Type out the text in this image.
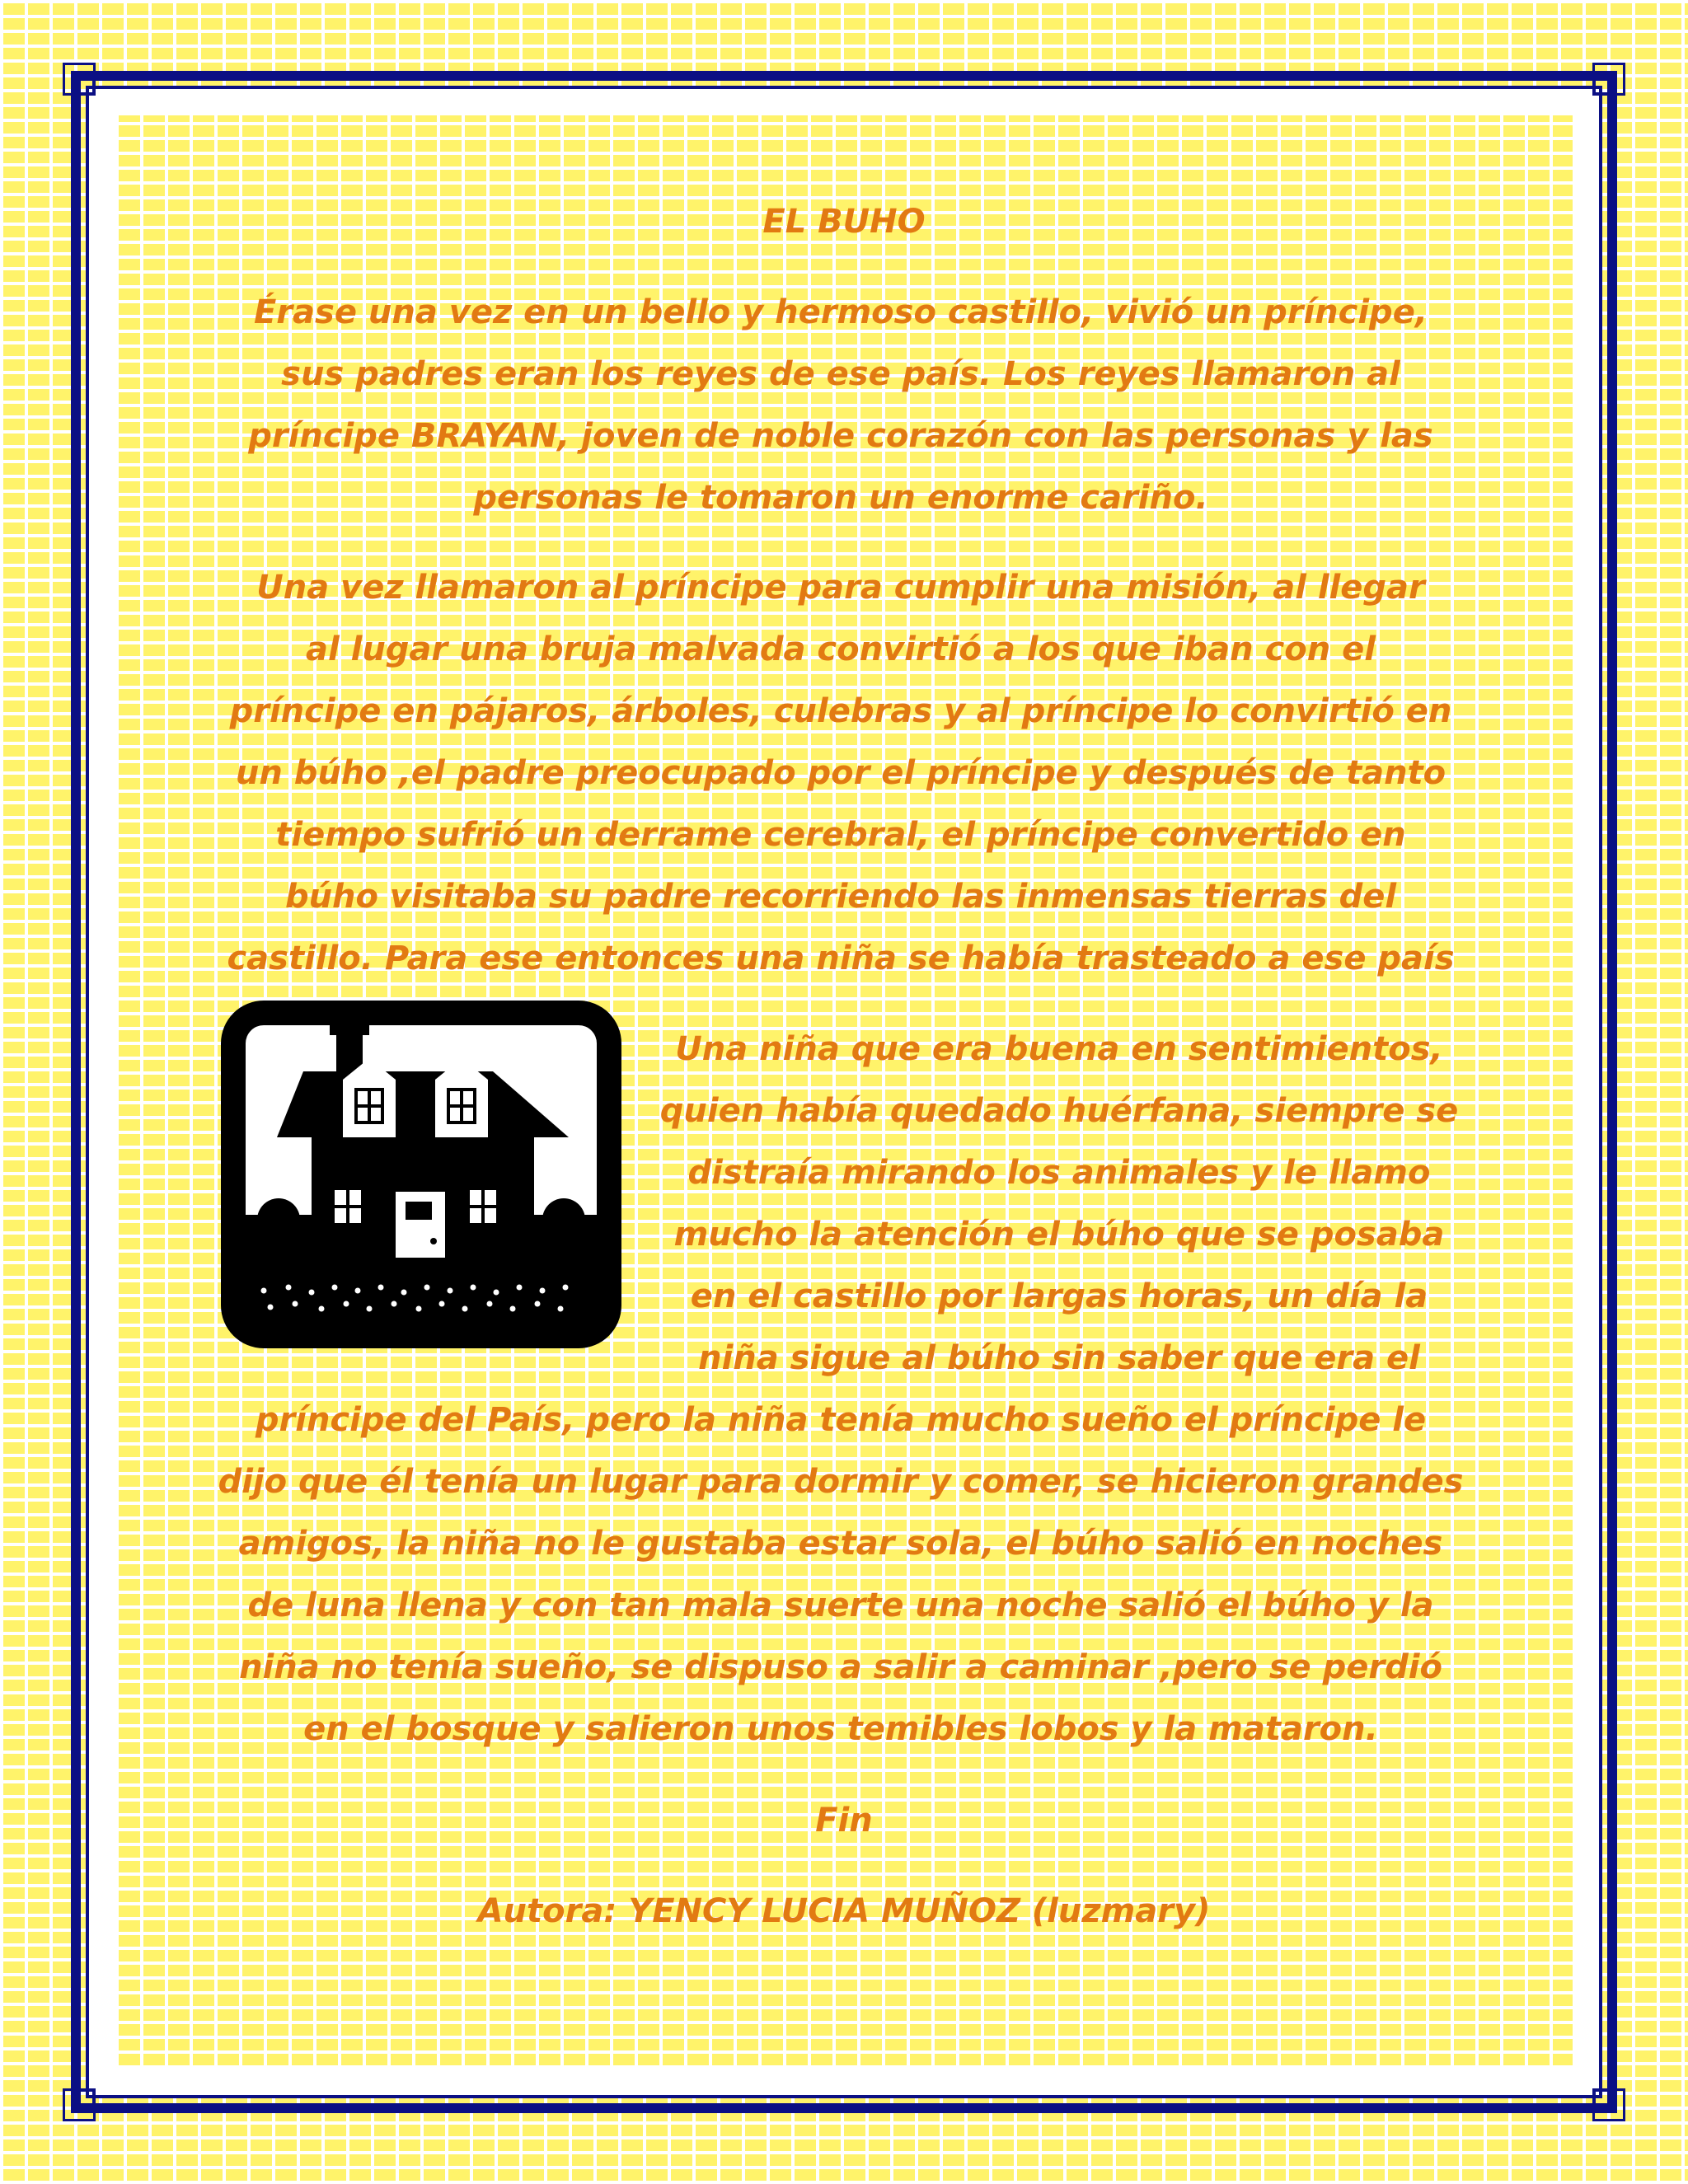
EL BUHO

Érase una vez en un bello y hermoso castillo, vivió un príncipe,
sus padres eran los reyes de ese país. Los reyes llamaron al
príncipe BRAYAN, joven de noble corazón con las personas y las
personas le tomaron un enorme cariño.

Una vez llamaron al príncipe para cumplir una misión, al llegar
al lugar una bruja malvada convirtió a los que iban con el
príncipe en pájaros, árboles, culebras y al príncipe lo convirtió en
un búho ,el padre preocupado por el príncipe y después de tanto
tiempo sufrió un derrame cerebral, el príncipe convertido en
búho visitaba su padre recorriendo las inmensas tierras del
castillo. Para ese entonces una niña se había trasteado a ese país

Una niña que era buena en sentimientos,
quien había quedado huérfana, siempre se
distraía mirando los animales y le llamo
mucho la atención el búho que se posaba
en el castillo por largas horas, un día la
niña sigue al búho sin saber que era el

príncipe del País, pero la niña tenía mucho sueño el príncipe le
dijo que él tenía un lugar para dormir y comer, se hicieron grandes
amigos, la niña no le gustaba estar sola, el búho salió en noches
de luna llena y con tan mala suerte una noche salió el búho y la
niña no tenía sueño, se dispuso a salir a caminar ,pero se perdió
en el bosque y salieron unos temibles lobos y la mataron.

Fin

Autora: YENCY LUCIA MUÑOZ (luzmary)
